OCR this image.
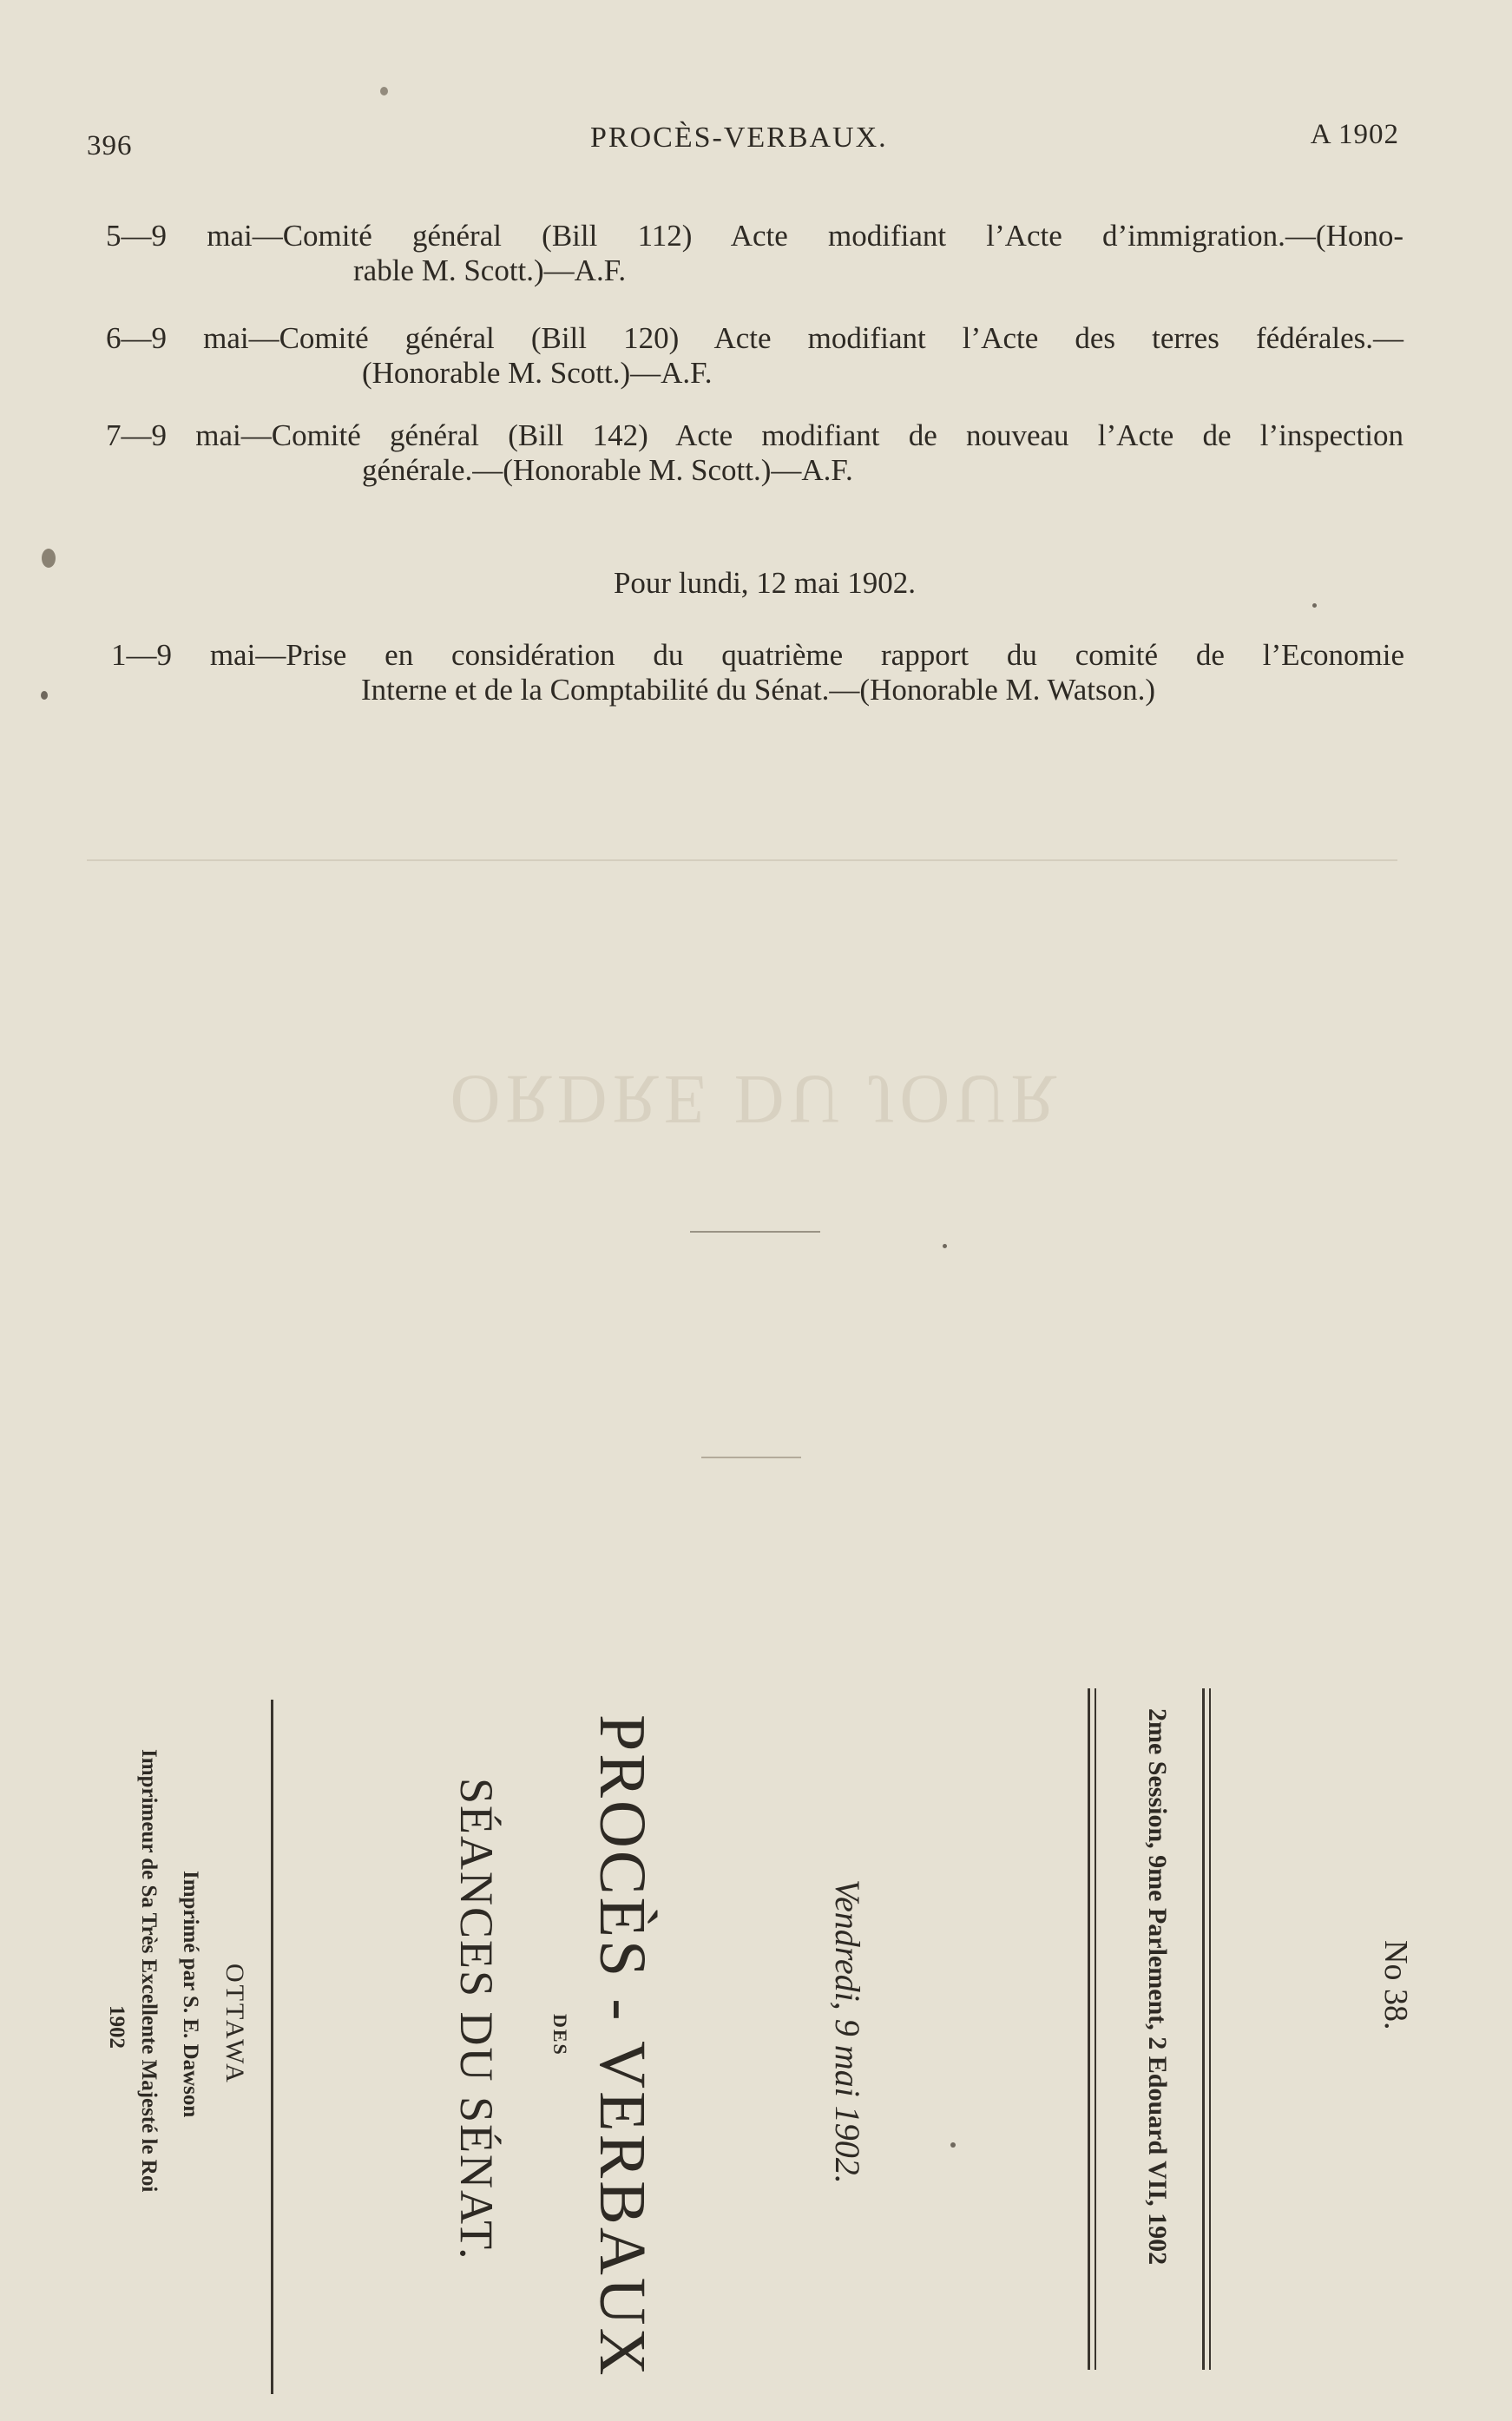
396	PROCÈS-VERBAUX.	A 1902
5—9 mai—Comité général (Bill 112) Acte modifiant l’Acte d’immigration.—(Hono-
rable M. Scott.)—A.F.
6—9 mai—Comité général (Bill 120) Acte modifiant l’Acte des terres fédérales.—
(Honorable M. Scott.)—A.F.
7—9 mai—Comité général (Bill 142) Acte modifiant de nouveau l’Acte de l’inspection
générale.—(Honorable M. Scott.)—A.F.
Pour lundi, 12 mai 1902.
1—9 mai—Prise en considération du quatrième rapport du comité de l’Economie
Interne et de la Comptabilité du Sénat.—(Honorable M. Watson.)
ORDRE DU JOUR
No 38.
2me Session, 9me Parlement, 2 Edouard VII, 1902
Vendredi, 9 mai 1902.
PROCÈS - VERBAUX
DES
SÉANCES DU SÉNAT.
OTTAWA
Imprimé par S. E. Dawson
Imprimeur de Sa Très Excellente Majesté le Roi
1902
